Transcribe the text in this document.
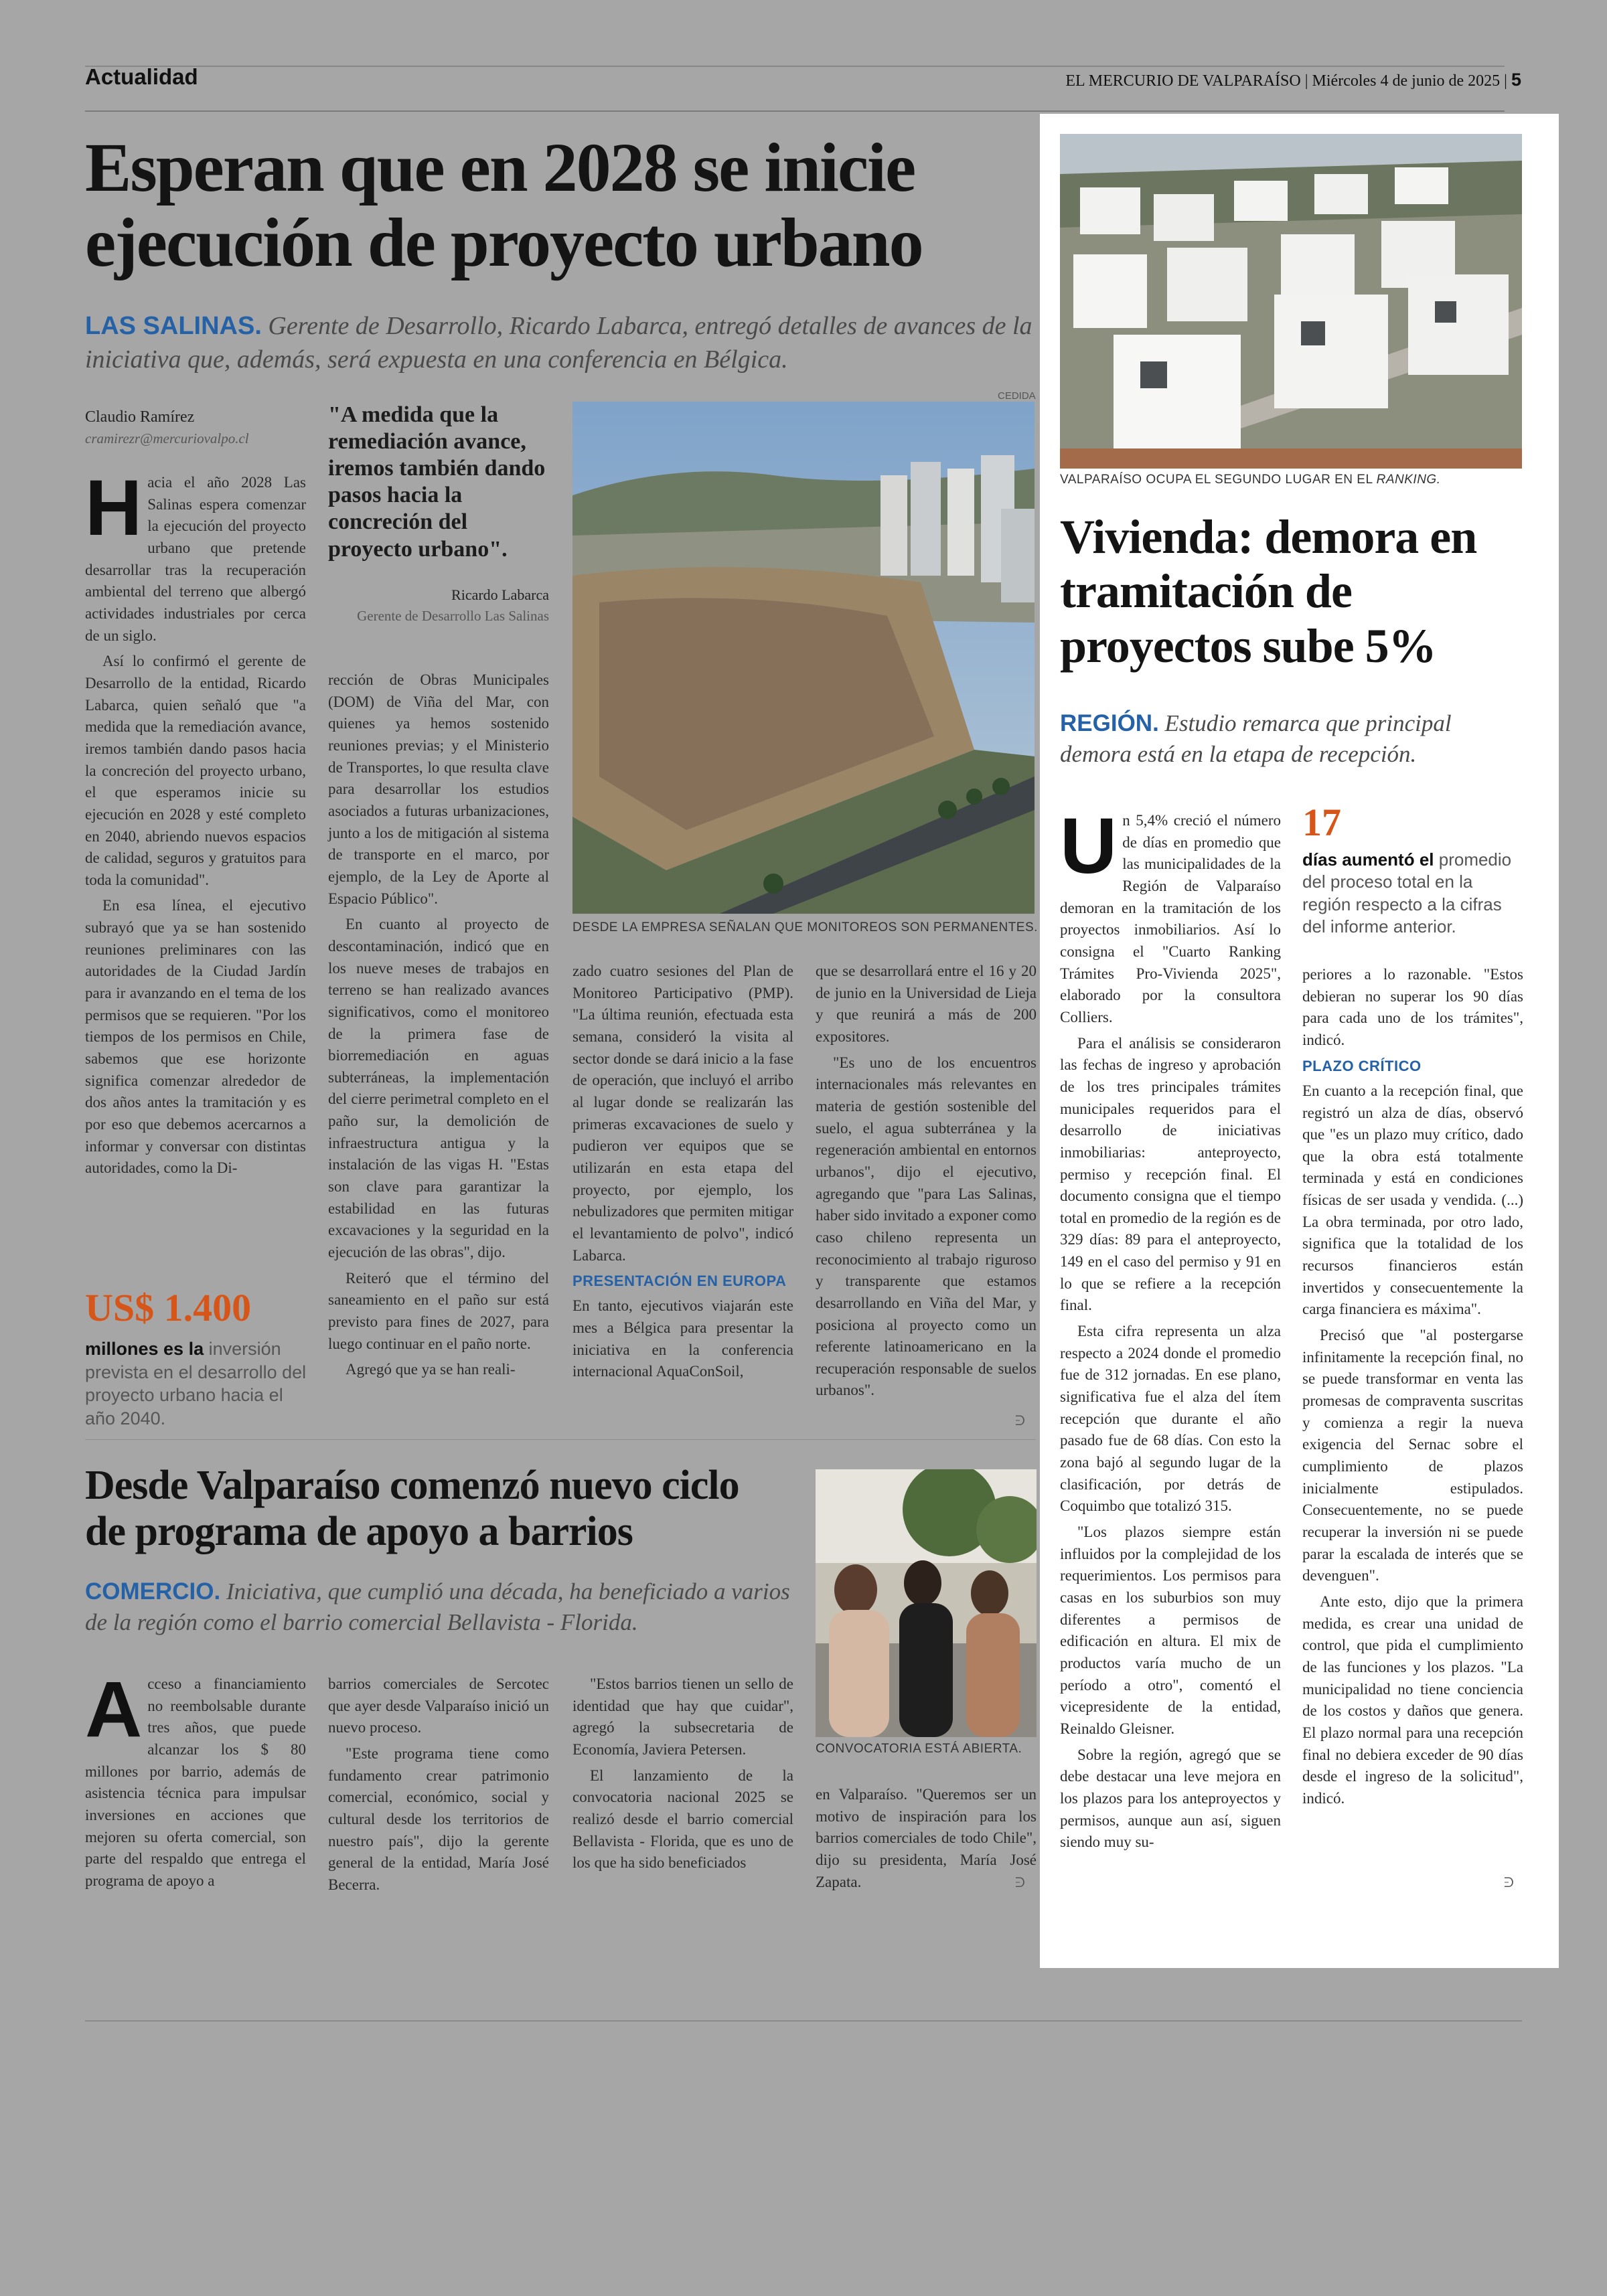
Actualidad	EL MERCURIO DE VALPARAÍSO | Miércoles 4 de junio de 2025 | 5
Esperan que en 2028 se inicie ejecución de proyecto urbano
LAS SALINAS. Gerente de Desarrollo, Ricardo Labarca, entregó detalles de avances de la iniciativa que, además, será expuesta en una conferencia en Bélgica.
Claudio Ramírez
cramirezr@mercuriovalpo.cl

Hacia el año 2028 Las Salinas espera comenzar la ejecución del proyecto urbano que pretende desarrollar tras la recuperación ambiental del terreno que albergó actividades industriales por cerca de un siglo.

Así lo confirmó el gerente de Desarrollo de la entidad, Ricardo Labarca, quien señaló que "a medida que la remediación avance, iremos también dando pasos hacia la concreción del proyecto urbano, el que esperamos inicie su ejecución en 2028 y esté completo en 2040, abriendo nuevos espacios de calidad, seguros y gratuitos para toda la comunidad".

En esa línea, el ejecutivo subrayó que ya se han sostenido reuniones preliminares con las autoridades de la Ciudad Jardín para ir avanzando en el tema de los permisos que se requieren. "Por los tiempos de los permisos en Chile, sabemos que ese horizonte significa comenzar alrededor de dos años antes la tramitación y es por eso que debemos acercarnos a informar y conversar con distintas autoridades, como la Di-

US$ 1.400
millones es la inversión prevista en el desarrollo del proyecto urbano hacia el año 2040.
"A medida que la remediación avance, iremos también dando pasos hacia la concreción del proyecto urbano".
Ricardo Labarca
Gerente de Desarrollo Las Salinas

rección de Obras Municipales (DOM) de Viña del Mar, con quienes ya hemos sostenido reuniones previas; y el Ministerio de Transportes, lo que resulta clave para desarrollar los estudios asociados a futuras urbanizaciones, junto a los de mitigación al sistema de transporte en el marco, por ejemplo, de la Ley de Aporte al Espacio Público".

En cuanto al proyecto de descontaminación, indicó que en los nueve meses de trabajos en terreno se han realizado avances significativos, como el monitoreo de la primera fase de biorremediación en aguas subterráneas, la implementación del cierre perimetral completo en el paño sur, la demolición de infraestructura antigua y la instalación de las vigas H. "Estas son clave para garantizar la estabilidad en las futuras excavaciones y la seguridad en la ejecución de las obras", dijo.

Reiteró que el término del saneamiento en el paño sur está previsto para fines de 2027, para luego continuar en el paño norte.

Agregó que ya se han reali-

CEDIDA
DESDE LA EMPRESA SEÑALAN QUE MONITOREOS SON PERMANENTES.

zado cuatro sesiones del Plan de Monitoreo Participativo (PMP). "La última reunión, efectuada esta semana, consideró la visita al sector donde se dará inicio a la fase de operación, que incluyó el arribo al lugar donde se realizarán las primeras excavaciones de suelo y pudieron ver equipos que se utilizarán en esta etapa del proyecto, por ejemplo, los nebulizadores que permiten mitigar el levantamiento de polvo", indicó Labarca.

PRESENTACIÓN EN EUROPA

En tanto, ejecutivos viajarán este mes a Bélgica para presentar la iniciativa en la conferencia internacional AquaConSoil,

que se desarrollará entre el 16 y 20 de junio en la Universidad de Lieja y que reunirá a más de 200 expositores.

"Es uno de los encuentros internacionales más relevantes en materia de gestión sostenible del suelo, el agua subterránea y la regeneración ambiental en entornos urbanos", dijo el ejecutivo, agregando que "para Las Salinas, haber sido invitado a exponer como caso chileno representa un reconocimiento al trabajo riguroso y transparente que estamos desarrollando en Viña del Mar, y posiciona al proyecto como un referente latinoamericano en la recuperación responsable de suelos urbanos".

ᕭ
Desde Valparaíso comenzó nuevo ciclo de programa de apoyo a barrios
COMERCIO. Iniciativa, que cumplió una década, ha beneficiado a varios de la región como el barrio comercial Bellavista - Florida.

Acceso a financiamiento no reembolsable durante tres años, que puede alcanzar los $ 80 millones por barrio, además de asistencia técnica para impulsar inversiones en acciones que mejoren su oferta comercial, son parte del respaldo que entrega el programa de apoyo a

barrios comerciales de Sercotec que ayer desde Valparaíso inició un nuevo proceso.

"Este programa tiene como fundamento crear patrimonio comercial, económico, social y cultural desde los territorios de nuestro país", dijo la gerente general de la entidad, María José Becerra.

"Estos barrios tienen un sello de identidad que hay que cuidar", agregó la subsecretaria de Economía, Javiera Petersen.

El lanzamiento de la convocatoria nacional 2025 se realizó desde el barrio comercial Bellavista - Florida, que es uno de los que ha sido beneficiados

CONVOCATORIA ESTÁ ABIERTA.

en Valparaíso. "Queremos ser un motivo de inspiración para los barrios comerciales de todo Chile", dijo su presidenta, María José Zapata.	ᕭ
VALPARAÍSO OCUPA EL SEGUNDO LUGAR EN EL RANKING.
Vivienda: demora en tramitación de proyectos sube 5%
REGIÓN. Estudio remarca que principal demora está en la etapa de recepción.

Un 5,4% creció el número de días en promedio que las municipalidades de la Región de Valparaíso demoran en la tramitación de los proyectos inmobiliarios. Así lo consigna el "Cuarto Ranking Trámites Pro-Vivienda 2025", elaborado por la consultora Colliers.

Para el análisis se consideraron las fechas de ingreso y aprobación de los tres principales trámites municipales requeridos para el desarrollo de iniciativas inmobiliarias: anteproyecto, permiso y recepción final. El documento consigna que el tiempo total en promedio de la región es de 329 días: 89 para el anteproyecto, 149 en el caso del permiso y 91 en lo que se refiere a la recepción final.

Esta cifra representa un alza respecto a 2024 donde el promedio fue de 312 jornadas. En ese plano, significativa fue el alza del ítem recepción que durante el año pasado fue de 68 días. Con esto la zona bajó al segundo lugar de la clasificación, por detrás de Coquimbo que totalizó 315.

"Los plazos siempre están influidos por la complejidad de los requerimientos. Los permisos para casas en los suburbios son muy diferentes a permisos de edificación en altura. El mix de productos varía mucho de un período a otro", comentó el vicepresidente de la entidad, Reinaldo Gleisner.

Sobre la región, agregó que se debe destacar una leve mejora en los plazos para los anteproyectos y permisos, aunque aun así, siguen siendo muy su-

17
días aumentó el promedio del proceso total en la región respecto a la cifras del informe anterior.

periores a lo razonable. "Estos debieran no superar los 90 días para cada uno de los trámites", indicó.

PLAZO CRÍTICO

En cuanto a la recepción final, que registró un alza de días, observó que "es un plazo muy crítico, dado que la obra está totalmente terminada y está en condiciones físicas de ser usada y vendida. (...) La obra terminada, por otro lado, significa que la totalidad de los recursos financieros están invertidos y consecuentemente la carga financiera es máxima".

Precisó que "al postergarse infinitamente la recepción final, no se puede transformar en venta las promesas de compraventa suscritas y comienza a regir la nueva exigencia del Sernac sobre el cumplimiento de plazos inicialmente estipulados. Consecuentemente, no se puede recuperar la inversión ni se puede parar la escalada de interés que se devenguen".

Ante esto, dijo que la primera medida, es crear una unidad de control, que pida el cumplimiento de las funciones y los plazos. "La municipalidad no tiene conciencia de los costos y daños que genera. El plazo normal para una recepción final no debiera exceder de 90 días desde el ingreso de la solicitud", indicó.

ᕭ
